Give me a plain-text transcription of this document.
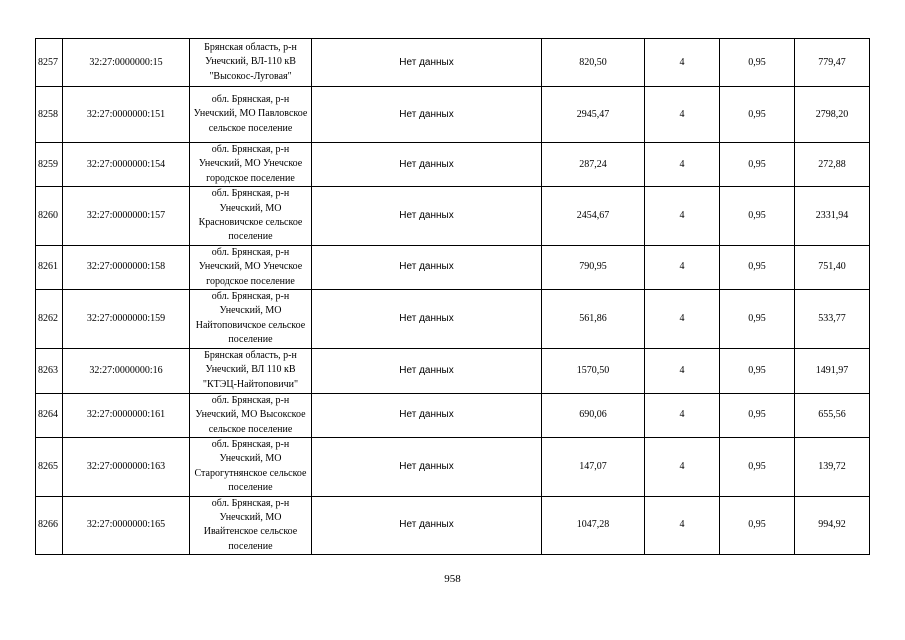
8257	32:27:0000000:15	Брянская область, р-н Унечский, ВЛ-110 кВ "Высокос-Луговая"	Нет данных	820,50	4	0,95	779,47
8258	32:27:0000000:151	обл. Брянская, р-н Унечский, МО Павловское сельское поселение	Нет данных	2945,47	4	0,95	2798,20
8259	32:27:0000000:154	обл. Брянская, р-н Унечский, МО Унечское городское поселение	Нет данных	287,24	4	0,95	272,88
8260	32:27:0000000:157	обл. Брянская, р-н Унечский, МО Красновичское сельское поселение	Нет данных	2454,67	4	0,95	2331,94
8261	32:27:0000000:158	обл. Брянская, р-н Унечский, МО Унечское городское поселение	Нет данных	790,95	4	0,95	751,40
8262	32:27:0000000:159	обл. Брянская, р-н Унечский, МО Найтоповичское сельское поселение	Нет данных	561,86	4	0,95	533,77
8263	32:27:0000000:16	Брянская область, р-н Унечский, ВЛ 110 кВ "КТЭЦ-Найтоповичи"	Нет данных	1570,50	4	0,95	1491,97
8264	32:27:0000000:161	обл. Брянская, р-н Унечский, МО Высокское сельское поселение	Нет данных	690,06	4	0,95	655,56
8265	32:27:0000000:163	обл. Брянская, р-н Унечский, МО Старогутнянское сельское поселение	Нет данных	147,07	4	0,95	139,72
8266	32:27:0000000:165	обл. Брянская, р-н Унечский, МО Ивайтенское сельское поселение	Нет данных	1047,28	4	0,95	994,92
958
